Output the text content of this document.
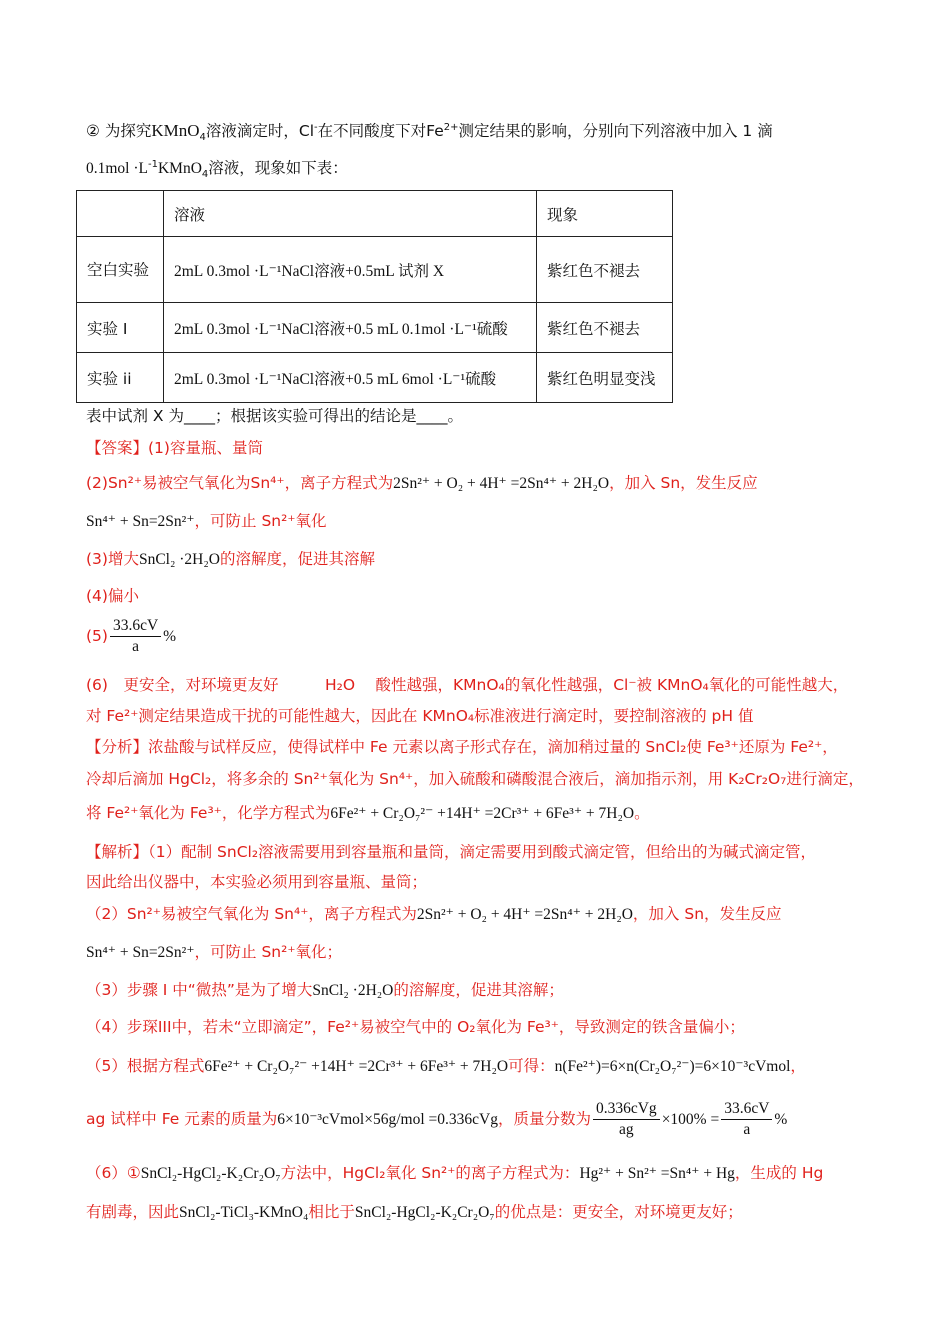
② 为探究KMnO$_4$溶液滴定时，Cl-在不同酸度下对$Fe^{2+}$测定结果的影响，分别向下列溶液中加入 1 滴
$0.1mol \cdot L^{-1}KMnO_4$溶液，现象如下表：
	溶液	现象
空白实验	2mL 0.3mol ·L⁻¹NaCl溶液+0.5mL 试剂 X	紫红色不褪去
实验 I	2mL 0.3mol ·L⁻¹NaCl溶液+0.5 mL 0.1mol ·L⁻¹硫酸	紫红色不褪去
实验 ii	2mL 0.3mol ·L⁻¹NaCl溶液+0.5 mL 6mol ·L⁻¹硫酸	紫红色明显变浅
表中试剂 X 为____；根据该实验可得出的结论是____。
【答案】(1)容量瓶、量筒
(2)Sn²⁺易被空气氧化为Sn⁴⁺，离子方程式为2Sn²⁺ + O₂ + 4H⁺ =2Sn⁴⁺ + 2H₂O，加入 Sn，发生反应
Sn⁴⁺ + Sn=2Sn²⁺，可防止 Sn²⁺氧化
(3)增大SnCl₂ ·2H₂O的溶解度，促进其溶解
(4)偏小
$(5) \frac{33.6cV}{a}$ %
(6)　更安全，对环境更友好　　　H₂O　 酸性越强，KMnO₄的氧化性越强，Cl⁻被 KMnO₄氧化的可能性越大，
对 Fe²⁺测定结果造成干扰的可能性越大，因此在 KMnO₄标准液进行滴定时，要控制溶液的 pH 值
【分析】浓盐酸与试样反应，使得试样中 Fe 元素以离子形式存在，滴加稍过量的 SnCl₂使 Fe³⁺还原为 Fe²⁺，
冷却后滴加 HgCl₂，将多余的 Sn²⁺氧化为 Sn⁴⁺，加入硫酸和磷酸混合液后，滴加指示剂，用 K₂Cr₂O₇进行滴定，
将 Fe²⁺氧化为 Fe³⁺，化学方程式为6Fe²⁺ + Cr₂O₇²⁻ +14H⁺ =2Cr³⁺ + 6Fe³⁺ + 7H₂O。
【解析】（1）配制 SnCl₂溶液需要用到容量瓶和量筒，滴定需要用到酸式滴定管，但给出的为碱式滴定管，
因此给出仪器中，本实验必须用到容量瓶、量筒；
（2）Sn²⁺易被空气氧化为 Sn⁴⁺，离子方程式为2Sn²⁺ + O₂ + 4H⁺ =2Sn⁴⁺ + 2H₂O，加入 Sn，发生反应
Sn⁴⁺ + Sn=2Sn²⁺，可防止 Sn²⁺氧化；
（3）步骤 I 中“微热”是为了增大SnCl₂ ·2H₂O的溶解度，促进其溶解；
（4）步琛III中，若未“立即滴定”，Fe²⁺易被空气中的 O₂氧化为 Fe³⁺，导致测定的铁含量偏小；
（5）根据方程式6Fe²⁺ + Cr₂O₇²⁻ +14H⁺ =2Cr³⁺ + 6Fe³⁺ + 7H₂O可得：n(Fe²⁺)=6×n(Cr₂O₇²⁻)=6×10⁻³cVmol，
ag 试样中 Fe 元素的质量为6×10⁻³cVmol×56g/mol =0.336cVg，质量分数为 $\frac{\text{0.336cVg}}{ag} \times 100\% = \frac{33.6cV}{a}$ %
（6）①SnCl₂-HgCl₂-K₂Cr₂O₇方法中，HgCl₂氧化 Sn²⁺的离子方程式为：Hg²⁺ + Sn²⁺ =Sn⁴⁺ + Hg，生成的 Hg
有剧毒，因此SnCl₂-TiCl₃-KMnO₄相比于SnCl₂-HgCl₂-K₂Cr₂O₇的优点是：更安全，对环境更友好；
